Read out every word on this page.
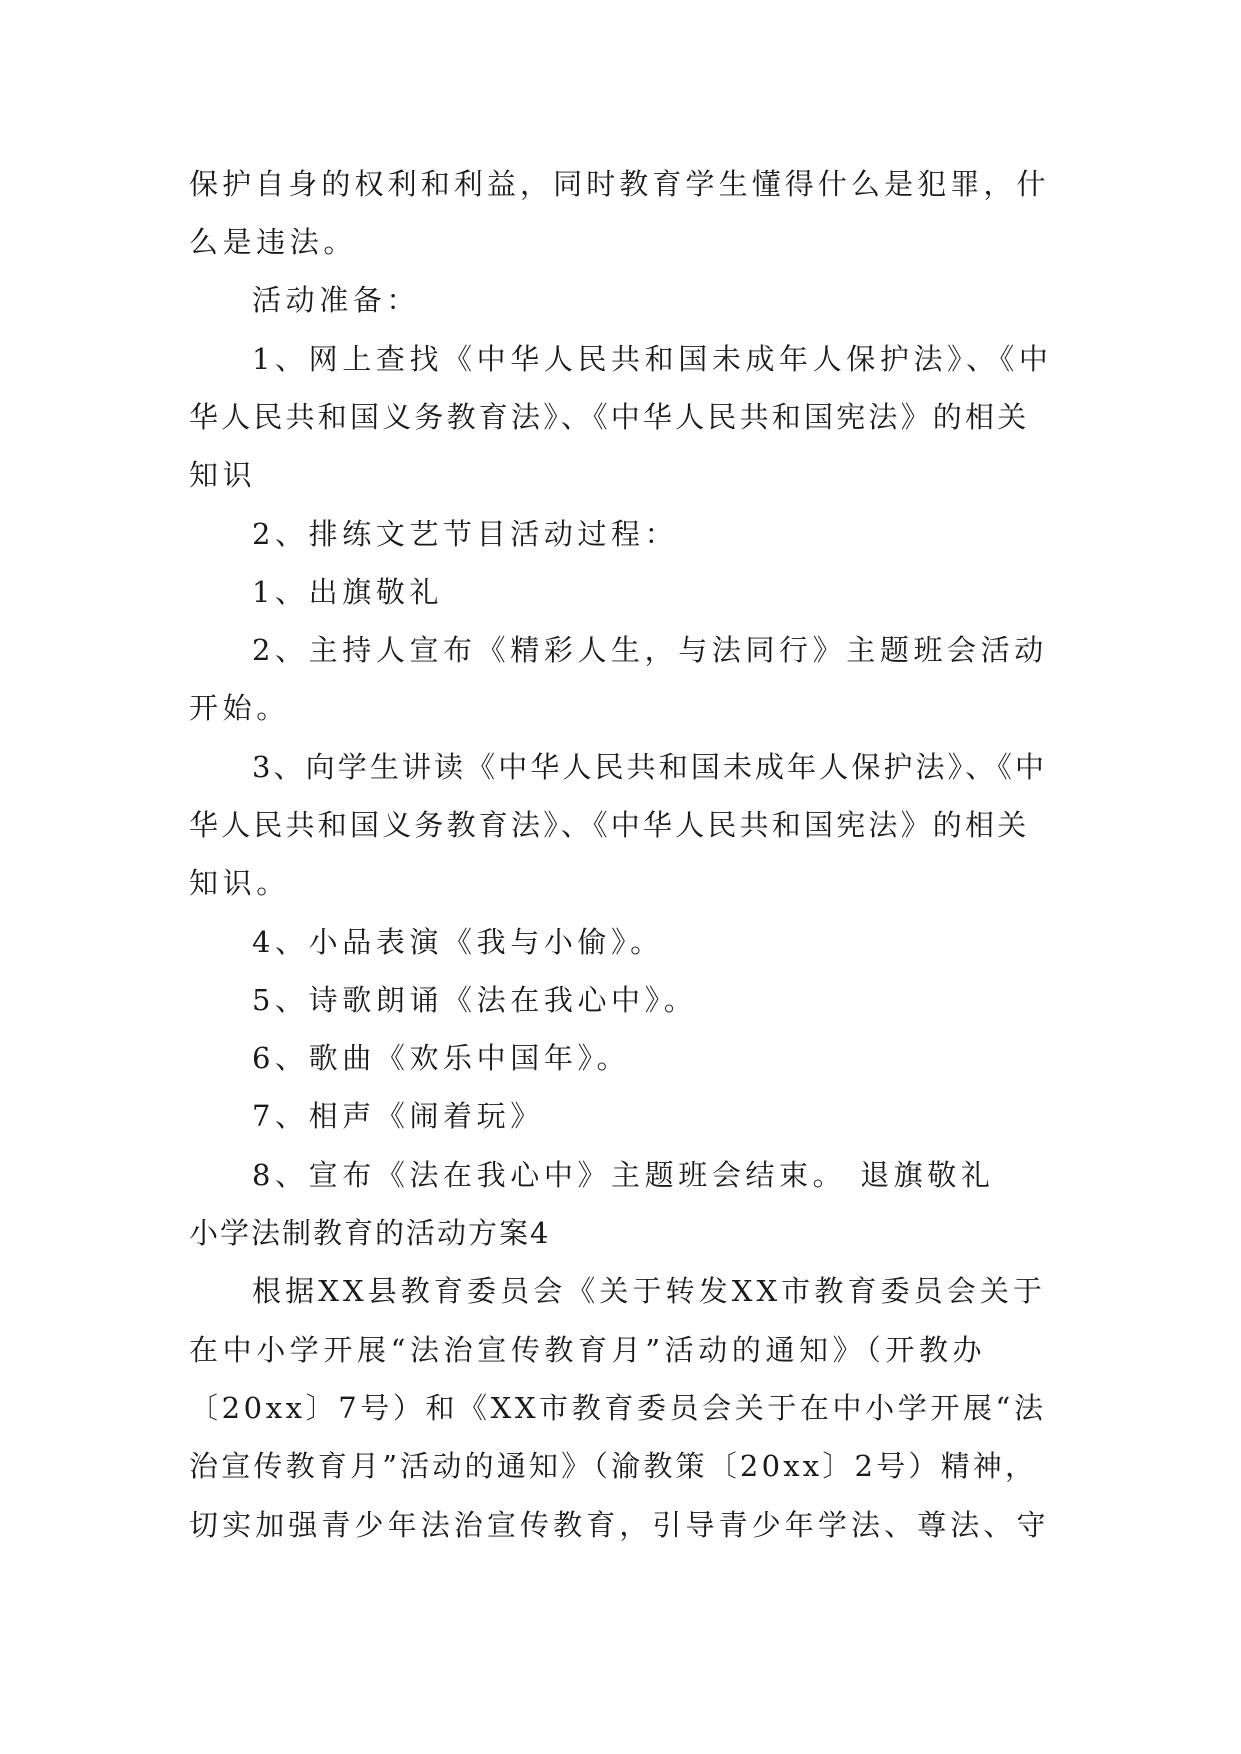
保护自身的权利和利益，同时教育学生懂得什么是犯罪，什
么是违法。
活动准备：
1、网上查找《中华人民共和国未成年人保护法》、《中
华人民共和国义务教育法》、《中华人民共和国宪法》的相关
知识
2、排练文艺节目活动过程：
1、出旗敬礼
2、主持人宣布《精彩人生，与法同行》主题班会活动
开始。
3、向学生讲读《中华人民共和国未成年人保护法》、《中
华人民共和国义务教育法》、《中华人民共和国宪法》的相关
知识。
4、小品表演《我与小偷》。
5、诗歌朗诵《法在我心中》。
6、歌曲《欢乐中国年》。
7、相声《闹着玩》
8、宣布《法在我心中》主题班会结束。 退旗敬礼
小学法制教育的活动方案4
根据XX县教育委员会《关于转发XX市教育委员会关于
在中小学开展“法治宣传教育月”活动的通知》（开教办
〔20xx〕7号）和《XX市教育委员会关于在中小学开展“法
治宣传教育月”活动的通知》（渝教策〔20xx〕2号）精神，
切实加强青少年法治宣传教育，引导青少年学法、尊法、守
